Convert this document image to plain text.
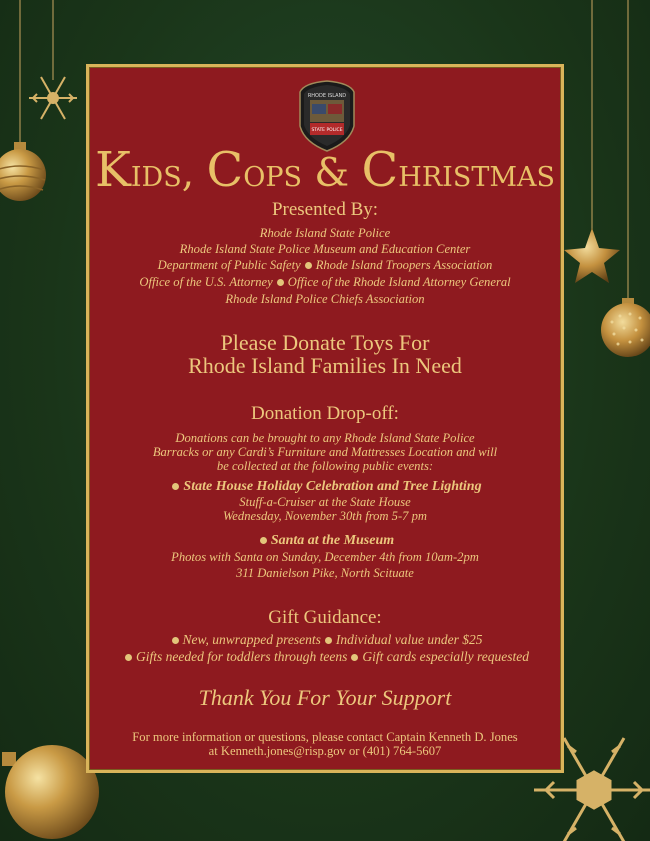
RHODE ISLAND
STATE POLICE
Kids, Cops & Christmas
Presented By:
Rhode Island State Police
Rhode Island State Police Museum and Education Center
Department of Public Safety Rhode Island Troopers Association
Office of the U.S. Attorney Office of the Rhode Island Attorney General
Rhode Island Police Chiefs Association
Please Donate Toys For
Rhode Island Families In Need
Donation Drop-off:
Donations can be brought to any Rhode Island State Police
Barracks or any Cardi’s Furniture and Mattresses Location and will
be collected at the following public events:
State House Holiday Celebration and Tree Lighting
Stuff-a-Cruiser at the State House
Wednesday, November 30th from 5-7 pm
Santa at the Museum
Photos with Santa on Sunday, December 4th from 10am-2pm
311 Danielson Pike, North Scituate
Gift Guidance:
New, unwrapped presents Individual value under $25
Gifts needed for toddlers through teens Gift cards especially requested
Thank You For Your Support
For more information or questions, please contact Captain Kenneth D. Jones
at Kenneth.jones@risp.gov or (401) 764-5607
